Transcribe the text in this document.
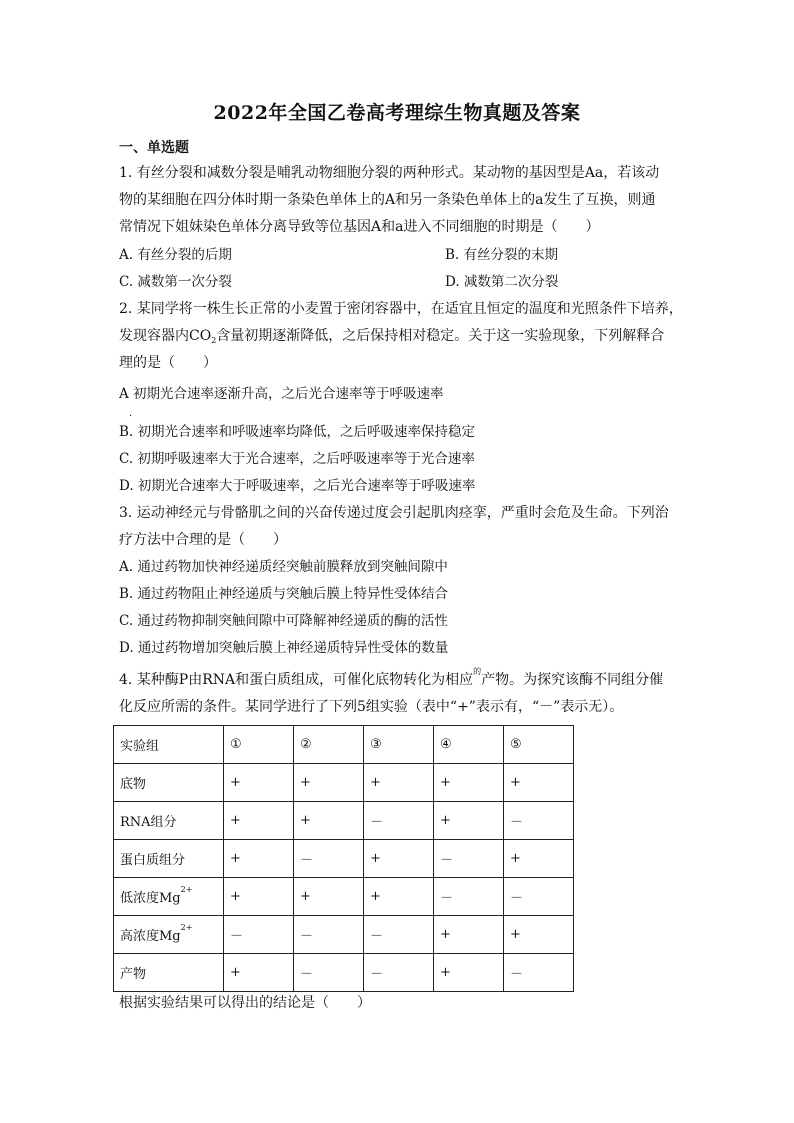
2022年全国乙卷高考理综生物真题及答案
一、单选题
1. 有丝分裂和减数分裂是哺乳动物细胞分裂的两种形式。某动物的基因型是Aa，若该动
物的某细胞在四分体时期一条染色单体上的A和另一条染色单体上的a发生了互换，则通
常情况下姐妹染色单体分离导致等位基因A和a进入不同细胞的时期是（　　）
A. 有丝分裂的后期	B. 有丝分裂的末期
C. 减数第一次分裂	D. 减数第二次分裂
2. 某同学将一株生长正常的小麦置于密闭容器中，在适宜且恒定的温度和光照条件下培养，
发现容器内$CO_2$含量初期逐渐降低，之后保持相对稳定。关于这一实验现象，下列解释合
理的是（　　）
A 初期光合速率逐渐升高，之后光合速率等于呼吸速率
．
B. 初期光合速率和呼吸速率均降低，之后呼吸速率保持稳定
C. 初期呼吸速率大于光合速率，之后呼吸速率等于光合速率
D. 初期光合速率大于呼吸速率，之后光合速率等于呼吸速率
3. 运动神经元与骨骼肌之间的兴奋传递过度会引起肌肉痉挛，严重时会危及生命。下列治
疗方法中合理的是（　　）
A. 通过药物加快神经递质经突触前膜释放到突触间隙中
B. 通过药物阻止神经递质与突触后膜上特异性受体结合
C. 通过药物抑制突触间隙中可降解神经递质的酶的活性
D. 通过药物增加突触后膜上神经递质特异性受体的数量
4. 某种酶P由RNA和蛋白质组成，可催化底物转化为相应$^的$产物。为探究该酶不同组分催
化反应所需的条件。某同学进行了下列5组实验（表中“+”表示有，“－”表示无）。
实验组	①	②	③	④	⑤
底物	+	+	+	+	+
RNA组分	+	+	－	+	－
蛋白质组分	+	－	+	－	+
低浓度$Mg^{2+}$	+	+	+	－	－
高浓度$Mg^{2+}$	－	－	－	+	+
产物	+	－	－	+	－
根据实验结果可以得出的结论是（　　）
